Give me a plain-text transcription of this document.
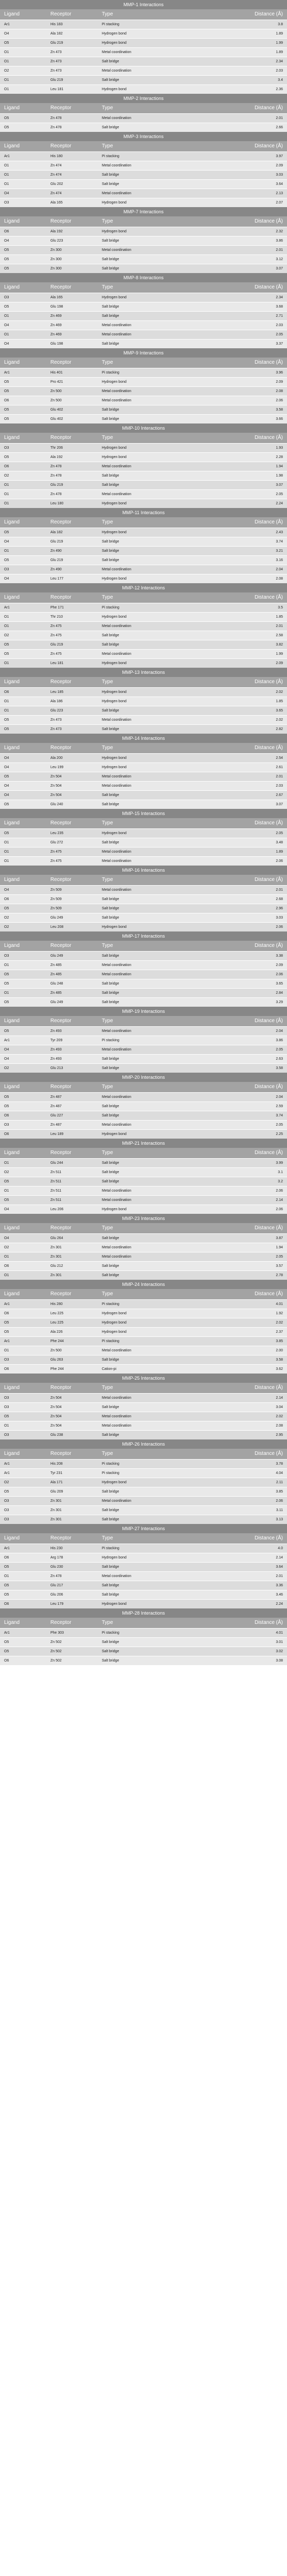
MMP-1 Interactions
Ligand	Receptor	Type	Distance (Å)
Ar1	His 183	Pi stacking	3.8
O4	Ala 182	Hydrogen bond	1.89
O5	Glu 219	Hydrogen bond	1.99
O1	Zn 473	Metal coordination	1.89
O1	Zn 473	Salt bridge	2.34
O2	Zn 473	Metal coordination	2.03
O1	Glu 219	Salt bridge	3.4
O1	Leu 181	Hydrogen bond	2.36
MMP-2 Interactions
Ligand	Receptor	Type	Distance (Å)
O5	Zn 478	Metal coordination	2.01
O5	Zn 478	Salt bridge	2.66
MMP-3 Interactions
Ligand	Receptor	Type	Distance (Å)
Ar1	His 180	Pi stacking	3.97
O1	Zn 474	Metal coordination	2.09
O1	Zn 474	Salt bridge	3.03
O1	Glu 202	Salt bridge	3.64
O4	Zn 474	Metal coordination	2.13
O3	Ala 165	Hydrogen bond	2.07
MMP-7 Interactions
Ligand	Receptor	Type	Distance (Å)
O6	Ala 192	Hydrogen bond	2.32
O4	Glu 223	Salt bridge	3.86
O5	Zn 300	Metal coordination	2.01
O5	Zn 300	Salt bridge	3.12
O5	Zn 300	Salt bridge	3.07
MMP-8 Interactions
Ligand	Receptor	Type	Distance (Å)
O3	Ala 165	Hydrogen bond	2.34
O5	Glu 198	Salt bridge	3.68
O1	Zn 469	Salt bridge	2.71
O4	Zn 469	Metal coordination	2.03
O1	Zn 469	Metal coordination	2.05
O4	Glu 198	Salt bridge	3.37
MMP-9 Interactions
Ligand	Receptor	Type	Distance (Å)
Ar1	His 401	Pi stacking	3.96
O5	Pro 421	Hydrogen bond	2.09
O5	Zn 500	Metal coordination	2.08
O6	Zn 500	Metal coordination	2.06
O5	Glu 402	Salt bridge	3.58
O5	Glu 402	Salt bridge	3.66
MMP-10 Interactions
Ligand	Receptor	Type	Distance (Å)
O3	Thr 206	Hydrogen bond	1.93
O5	Ala 192	Hydrogen bond	2.28
O6	Zn 478	Metal coordination	1.94
O2	Zn 478	Salt bridge	1.98
O1	Glu 219	Salt bridge	3.07
O1	Zn 478	Metal coordination	2.05
O1	Leu 180	Hydrogen bond	2.24
MMP-11 Interactions
Ligand	Receptor	Type	Distance (Å)
O5	Ala 182	Hydrogen bond	2.43
O4	Glu 219	Salt bridge	3.74
O1	Zn 490	Salt bridge	3.21
O5	Glu 219	Salt bridge	3.16
O3	Zn 490	Metal coordination	2.04
O4	Leu 177	Hydrogen bond	2.08
MMP-12 Interactions
Ligand	Receptor	Type	Distance (Å)
Ar1	Phe 171	Pi stacking	3.5
O1	Thr 210	Hydrogen bond	1.85
O1	Zn 475	Metal coordination	2.01
O2	Zn 475	Salt bridge	2.58
O5	Glu 219	Salt bridge	3.82
O5	Zn 475	Metal coordination	1.99
O1	Leu 181	Hydrogen bond	2.09
MMP-13 Interactions
Ligand	Receptor	Type	Distance (Å)
O6	Leu 185	Hydrogen bond	2.02
O1	Ala 186	Hydrogen bond	1.85
O1	Glu 223	Salt bridge	3.65
O5	Zn 473	Metal coordination	2.02
O5	Zn 473	Salt bridge	2.82
MMP-14 Interactions
Ligand	Receptor	Type	Distance (Å)
O4	Ala 200	Hydrogen bond	2.54
O4	Leu 199	Hydrogen bond	2.61
O5	Zn 504	Metal coordination	2.01
O4	Zn 504	Metal coordination	2.03
O4	Zn 504	Salt bridge	2.67
O5	Glu 240	Salt bridge	3.07
MMP-15 Interactions
Ligand	Receptor	Type	Distance (Å)
O5	Leu 235	Hydrogen bond	2.05
O1	Glu 272	Salt bridge	3.48
O1	Zn 475	Metal coordination	1.89
O1	Zn 475	Metal coordination	2.06
MMP-16 Interactions
Ligand	Receptor	Type	Distance (Å)
O4	Zn 509	Metal coordination	2.01
O6	Zn 509	Salt bridge	2.68
O5	Zn 509	Salt bridge	2.96
O2	Glu 249	Salt bridge	3.03
O2	Leu 208	Hydrogen bond	2.06
MMP-17 Interactions
Ligand	Receptor	Type	Distance (Å)
O3	Glu 249	Salt bridge	3.38
O1	Zn 485	Metal coordination	2.09
O5	Zn 485	Metal coordination	2.06
O5	Glu 248	Salt bridge	3.65
O1	Zn 485	Salt bridge	2.84
O5	Glu 249	Salt bridge	3.29
MMP-19 Interactions
Ligand	Receptor	Type	Distance (Å)
O5	Zn 493	Metal coordination	2.04
Ar1	Tyr 209	Pi stacking	3.86
O4	Zn 493	Metal coordination	2.05
O4	Zn 493	Salt bridge	2.63
O2	Glu 213	Salt bridge	3.58
MMP-20 Interactions
Ligand	Receptor	Type	Distance (Å)
O5	Zn 487	Metal coordination	2.04
O5	Zn 487	Salt bridge	2.59
O6	Glu 227	Salt bridge	3.74
O3	Zn 487	Metal coordination	2.05
O6	Leu 189	Hydrogen bond	2.25
MMP-21 Interactions
Ligand	Receptor	Type	Distance (Å)
O1	Glu 244	Salt bridge	3.99
O2	Zn 511	Salt bridge	3.1
O5	Zn 511	Salt bridge	3.2
O1	Zn 511	Metal coordination	2.06
O5	Zn 511	Metal coordination	2.14
O4	Leu 206	Hydrogen bond	2.06
MMP-23 Interactions
Ligand	Receptor	Type	Distance (Å)
O4	Glu 264	Salt bridge	3.87
O2	Zn 301	Metal coordination	1.94
O1	Zn 301	Metal coordination	2.05
O6	Glu 212	Salt bridge	3.57
O1	Zn 301	Salt bridge	2.78
MMP-24 Interactions
Ligand	Receptor	Type	Distance (Å)
Ar1	His 280	Pi stacking	4.01
O6	Leu 225	Hydrogen bond	1.92
O5	Leu 225	Hydrogen bond	2.02
O5	Ala 226	Hydrogen bond	2.37
Ar1	Phe 244	Pi stacking	3.85
O1	Zn 500	Metal coordination	2.00
O3	Glu 263	Salt bridge	3.58
O6	Phe 244	Cation-pi	3.62
MMP-25 Interactions
Ligand	Receptor	Type	Distance (Å)
O3	Zn 504	Metal coordination	2.14
O3	Zn 504	Salt bridge	3.04
O5	Zn 504	Metal coordination	2.02
O1	Zn 504	Metal coordination	2.08
O3	Glu 238	Salt bridge	2.95
MMP-26 Interactions
Ligand	Receptor	Type	Distance (Å)
Ar1	His 208	Pi stacking	3.78
Ar1	Tyr 231	Pi stacking	4.04
O2	Ala 171	Hydrogen bond	2.11
O5	Glu 209	Salt bridge	3.85
O3	Zn 301	Metal coordination	2.06
O3	Zn 301	Salt bridge	3.11
O3	Zn 301	Salt bridge	3.13
MMP-27 Interactions
Ligand	Receptor	Type	Distance (Å)
Ar1	His 230	Pi stacking	4.0
O6	Arg 178	Hydrogen bond	2.14
O5	Glu 230	Salt bridge	3.64
O1	Zn 478	Metal coordination	2.01
O5	Glu 217	Salt bridge	3.36
O5	Glu 206	Salt bridge	3.46
O6	Leu 179	Hydrogen bond	2.24
MMP-28 Interactions
Ligand	Receptor	Type	Distance (Å)
Ar1	Phe 303	Pi stacking	4.01
O5	Zn 502	Salt bridge	3.01
O5	Zn 502	Salt bridge	3.02
O6	Zn 502	Salt bridge	3.08
